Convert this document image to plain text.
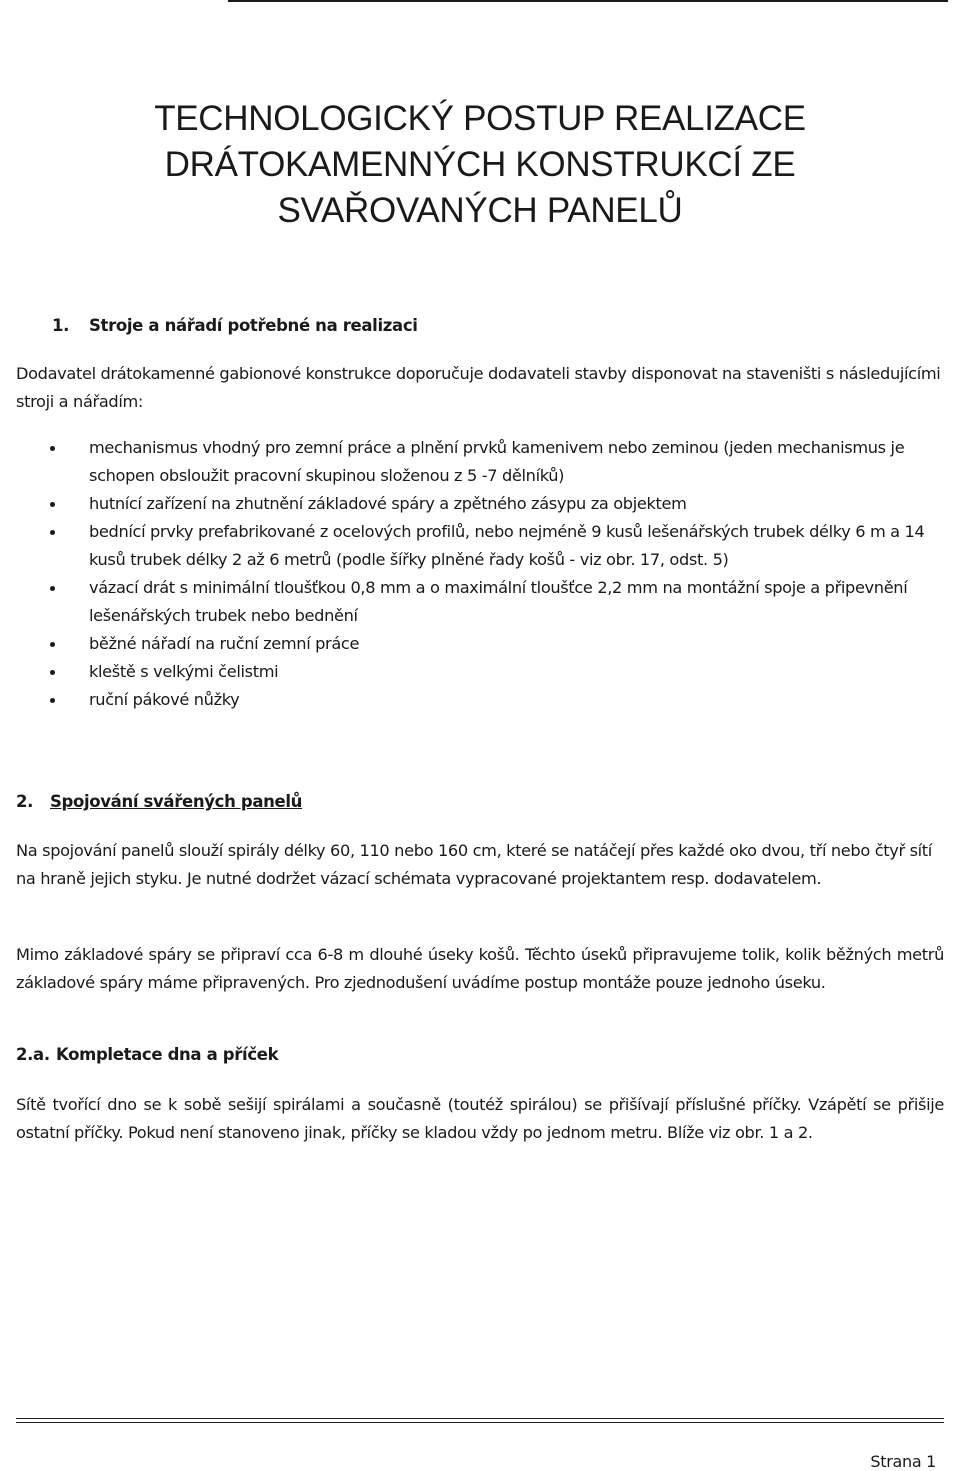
TECHNOLOGICKÝ POSTUP REALIZACE
DRÁTOKAMENNÝCH KONSTRUKCÍ ZE
SVAŘOVANÝCH PANELŮ
1. Stroje a nářadí potřebné na realizaci

Dodavatel drátokamenné gabionové konstrukce doporučuje dodavateli stavby disponovat na staveništi s následujícími stroji a nářadím:

mechanismus vhodný pro zemní práce a plnění prvků kamenivem nebo zeminou (jeden mechanismus je schopen obsloužit pracovní skupinou složenou z 5 -7 dělníků)
hutnící zařízení na zhutnění základové spáry a zpětného zásypu za objektem
bednící prvky prefabrikované z ocelových profilů, nebo nejméně 9 kusů lešenářských trubek délky 6 m a 14 kusů trubek délky 2 až 6 metrů (podle šířky plněné řady košů - viz obr. 17, odst. 5)
vázací drát s minimální tloušťkou 0,8 mm a o maximální tloušťce 2,2 mm na montážní spoje a připevnění lešenářských trubek nebo bednění
běžné nářadí na ruční zemní práce
kleště s velkými čelistmi
ruční pákové nůžky
2. Spojování svářených panelů

Na spojování panelů slouží spirály délky 60, 110 nebo 160 cm, které se natáčejí přes každé oko dvou, tří nebo čtyř sítí na hraně jejich styku. Je nutné dodržet vázací schémata vypracované projektantem resp. dodavatelem.

Mimo základové spáry se připraví cca 6-8 m dlouhé úseky košů. Těchto úseků připravujeme tolik, kolik běžných metrů základové spáry máme připravených. Pro zjednodušení uvádíme postup montáže pouze jednoho úseku.

2.a. Kompletace dna a příček

Sítě tvořící dno se k sobě sešijí spirálami a současně (toutéž spirálou) se přišívají příslušné příčky. Vzápětí se přišije ostatní příčky. Pokud není stanoveno jinak, příčky se kladou vždy po jednom metru. Blíže viz obr. 1 a 2.

Strana 1
